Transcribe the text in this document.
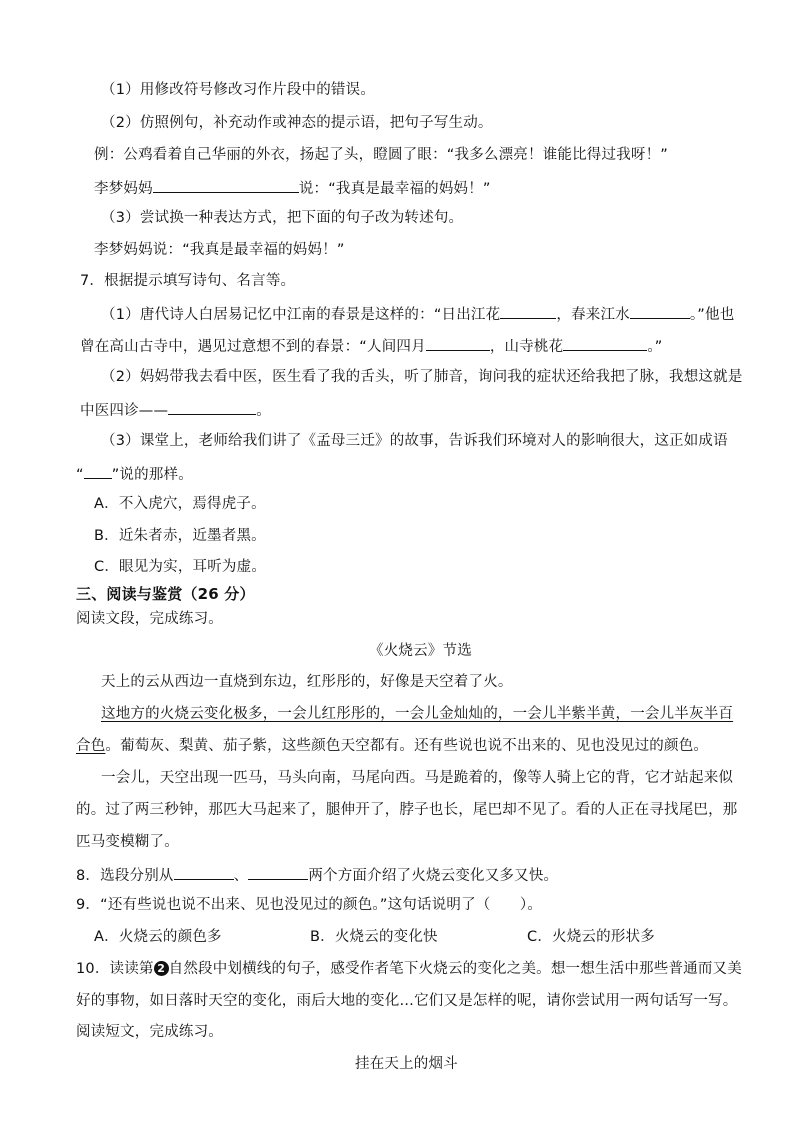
（1）用修改符号修改习作片段中的错误。
（2）仿照例句，补充动作或神态的提示语，把句子写生动。
例：公鸡看着自己华丽的外衣，扬起了头，瞪圆了眼：“我多么漂亮！谁能比得过我呀！”
李梦妈妈	说：“我真是最幸福的妈妈！”
（3）尝试换一种表达方式，把下面的句子改为转述句。
李梦妈妈说：“我真是最幸福的妈妈！”
7．根据提示填写诗句、名言等。
（1）唐代诗人白居易记忆中江南的春景是这样的：“日出江花	，春来江水	。”他也
曾在高山古寺中，遇见过意想不到的春景：“人间四月	，山寺桃花	。”
（2）妈妈带我去看中医，医生看了我的舌头，听了肺音，询问我的症状还给我把了脉，我想这就是
中医四诊——	。
（3）课堂上，老师给我们讲了《孟母三迁》的故事，告诉我们环境对人的影响很大，这正如成语
“ ”说的那样。
A．不入虎穴，焉得虎子。
B．近朱者赤，近墨者黑。
C．眼见为实，耳听为虚。
三、阅读与鉴赏（26 分）
阅读文段，完成练习。
《火烧云》节选
天上的云从西边一直烧到东边，红彤彤的，好像是天空着了火。
这地方的火烧云变化极多，一会儿红彤彤的，一会儿金灿灿的，一会儿半紫半黄，一会儿半灰半百
合色。葡萄灰、梨黄、茄子紫，这些颜色天空都有。还有些说也说不出来的、见也没见过的颜色。
一会儿，天空出现一匹马，马头向南，马尾向西。马是跪着的，像等人骑上它的背，它才站起来似
的。过了两三秒钟，那匹大马起来了，腿伸开了，脖子也长，尾巴却不见了。看的人正在寻找尾巴，那
匹马变模糊了。
8．选段分别从	、	两个方面介绍了火烧云变化又多又快。
9．“还有些说也说不出来、见也没见过的颜色。”这句话说明了（　　）。
A．火烧云的颜色多	B．火烧云的变化快	C．火烧云的形状多
10．读读第 2 自然段中划横线的句子，感受作者笔下火烧云的变化之美。想一想生活中那些普通而又美
好的事物，如日落时天空的变化，雨后大地的变化…它们又是怎样的呢，请你尝试用一两句话写一写。
阅读短文，完成练习。
挂在天上的烟斗
